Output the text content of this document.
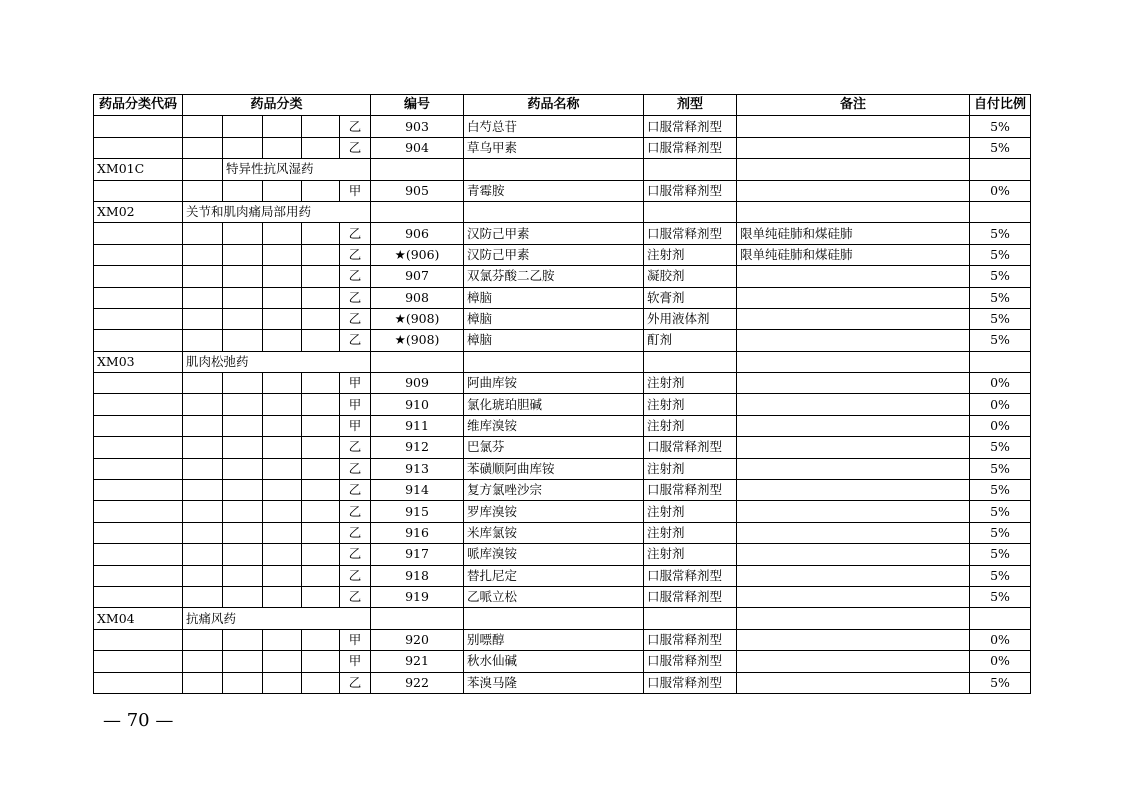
药品分类代码	药品分类					编号	药品名称	剂型	备注	自付比例
					乙	903	白芍总苷	口服常释剂型		5%
					乙	904	草乌甲素	口服常释剂型		5%
XM01C		特异性抗风湿药								
					甲	905	青霉胺	口服常释剂型		0%
XM02	关节和肌肉痛局部用药									
					乙	906	汉防己甲素	口服常释剂型	限单纯硅肺和煤硅肺	5%
					乙	★(906)	汉防己甲素	注射剂	限单纯硅肺和煤硅肺	5%
					乙	907	双氯芬酸二乙胺	凝胶剂		5%
					乙	908	樟脑	软膏剂		5%
					乙	★(908)	樟脑	外用液体剂		5%
					乙	★(908)	樟脑	酊剂		5%
XM03	肌肉松弛药									
					甲	909	阿曲库铵	注射剂		0%
					甲	910	氯化琥珀胆碱	注射剂		0%
					甲	911	维库溴铵	注射剂		0%
					乙	912	巴氯芬	口服常释剂型		5%
					乙	913	苯磺顺阿曲库铵	注射剂		5%
					乙	914	复方氯唑沙宗	口服常释剂型		5%
					乙	915	罗库溴铵	注射剂		5%
					乙	916	米库氯铵	注射剂		5%
					乙	917	哌库溴铵	注射剂		5%
					乙	918	替扎尼定	口服常释剂型		5%
					乙	919	乙哌立松	口服常释剂型		5%
XM04	抗痛风药									
					甲	920	别嘌醇	口服常释剂型		0%
					甲	921	秋水仙碱	口服常释剂型		0%
					乙	922	苯溴马隆	口服常释剂型		5%
— 70 —
